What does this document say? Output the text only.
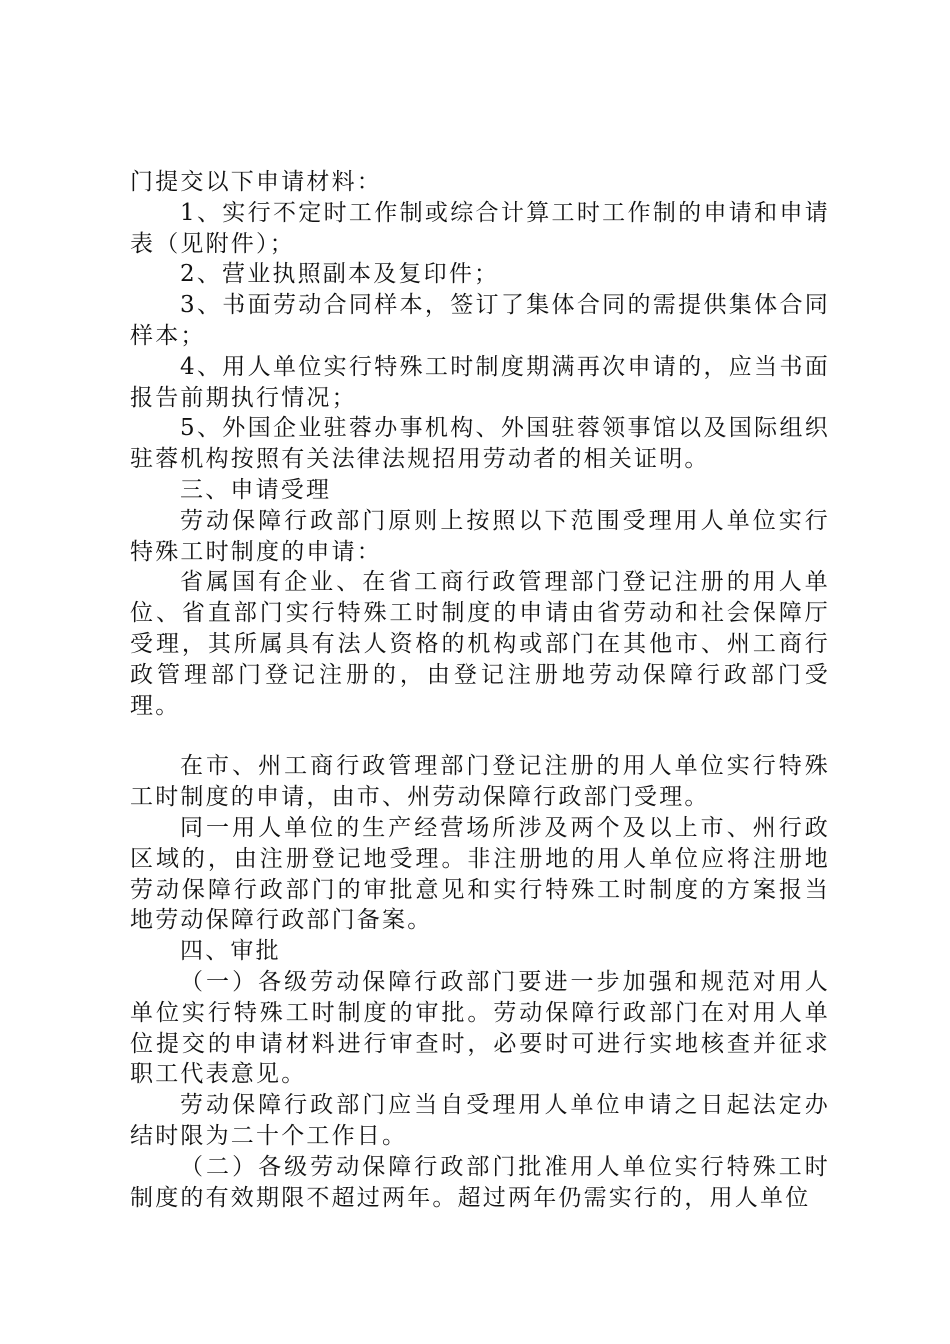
门提交以下申请材料：

1、实行不定时工作制或综合计算工时工作制的申请和申请表（见附件）；

2、营业执照副本及复印件；

3、书面劳动合同样本，签订了集体合同的需提供集体合同样本；

4、用人单位实行特殊工时制度期满再次申请的，应当书面报告前期执行情况；

5、外国企业驻蓉办事机构、外国驻蓉领事馆以及国际组织驻蓉机构按照有关法律法规招用劳动者的相关证明。

三、申请受理

劳动保障行政部门原则上按照以下范围受理用人单位实行特殊工时制度的申请：

省属国有企业、在省工商行政管理部门登记注册的用人单位、省直部门实行特殊工时制度的申请由省劳动和社会保障厅受理，其所属具有法人资格的机构或部门在其他市、州工商行政管理部门登记注册的，由登记注册地劳动保障行政部门受理。

在市、州工商行政管理部门登记注册的用人单位实行特殊工时制度的申请，由市、州劳动保障行政部门受理。

同一用人单位的生产经营场所涉及两个及以上市、州行政区域的，由注册登记地受理。非注册地的用人单位应将注册地劳动保障行政部门的审批意见和实行特殊工时制度的方案报当地劳动保障行政部门备案。

四、审批

（一）各级劳动保障行政部门要进一步加强和规范对用人单位实行特殊工时制度的审批。劳动保障行政部门在对用人单位提交的申请材料进行审查时，必要时可进行实地核查并征求职工代表意见。

劳动保障行政部门应当自受理用人单位申请之日起法定办结时限为二十个工作日。

（二）各级劳动保障行政部门批准用人单位实行特殊工时制度的有效期限不超过两年。超过两年仍需实行的，用人单位
